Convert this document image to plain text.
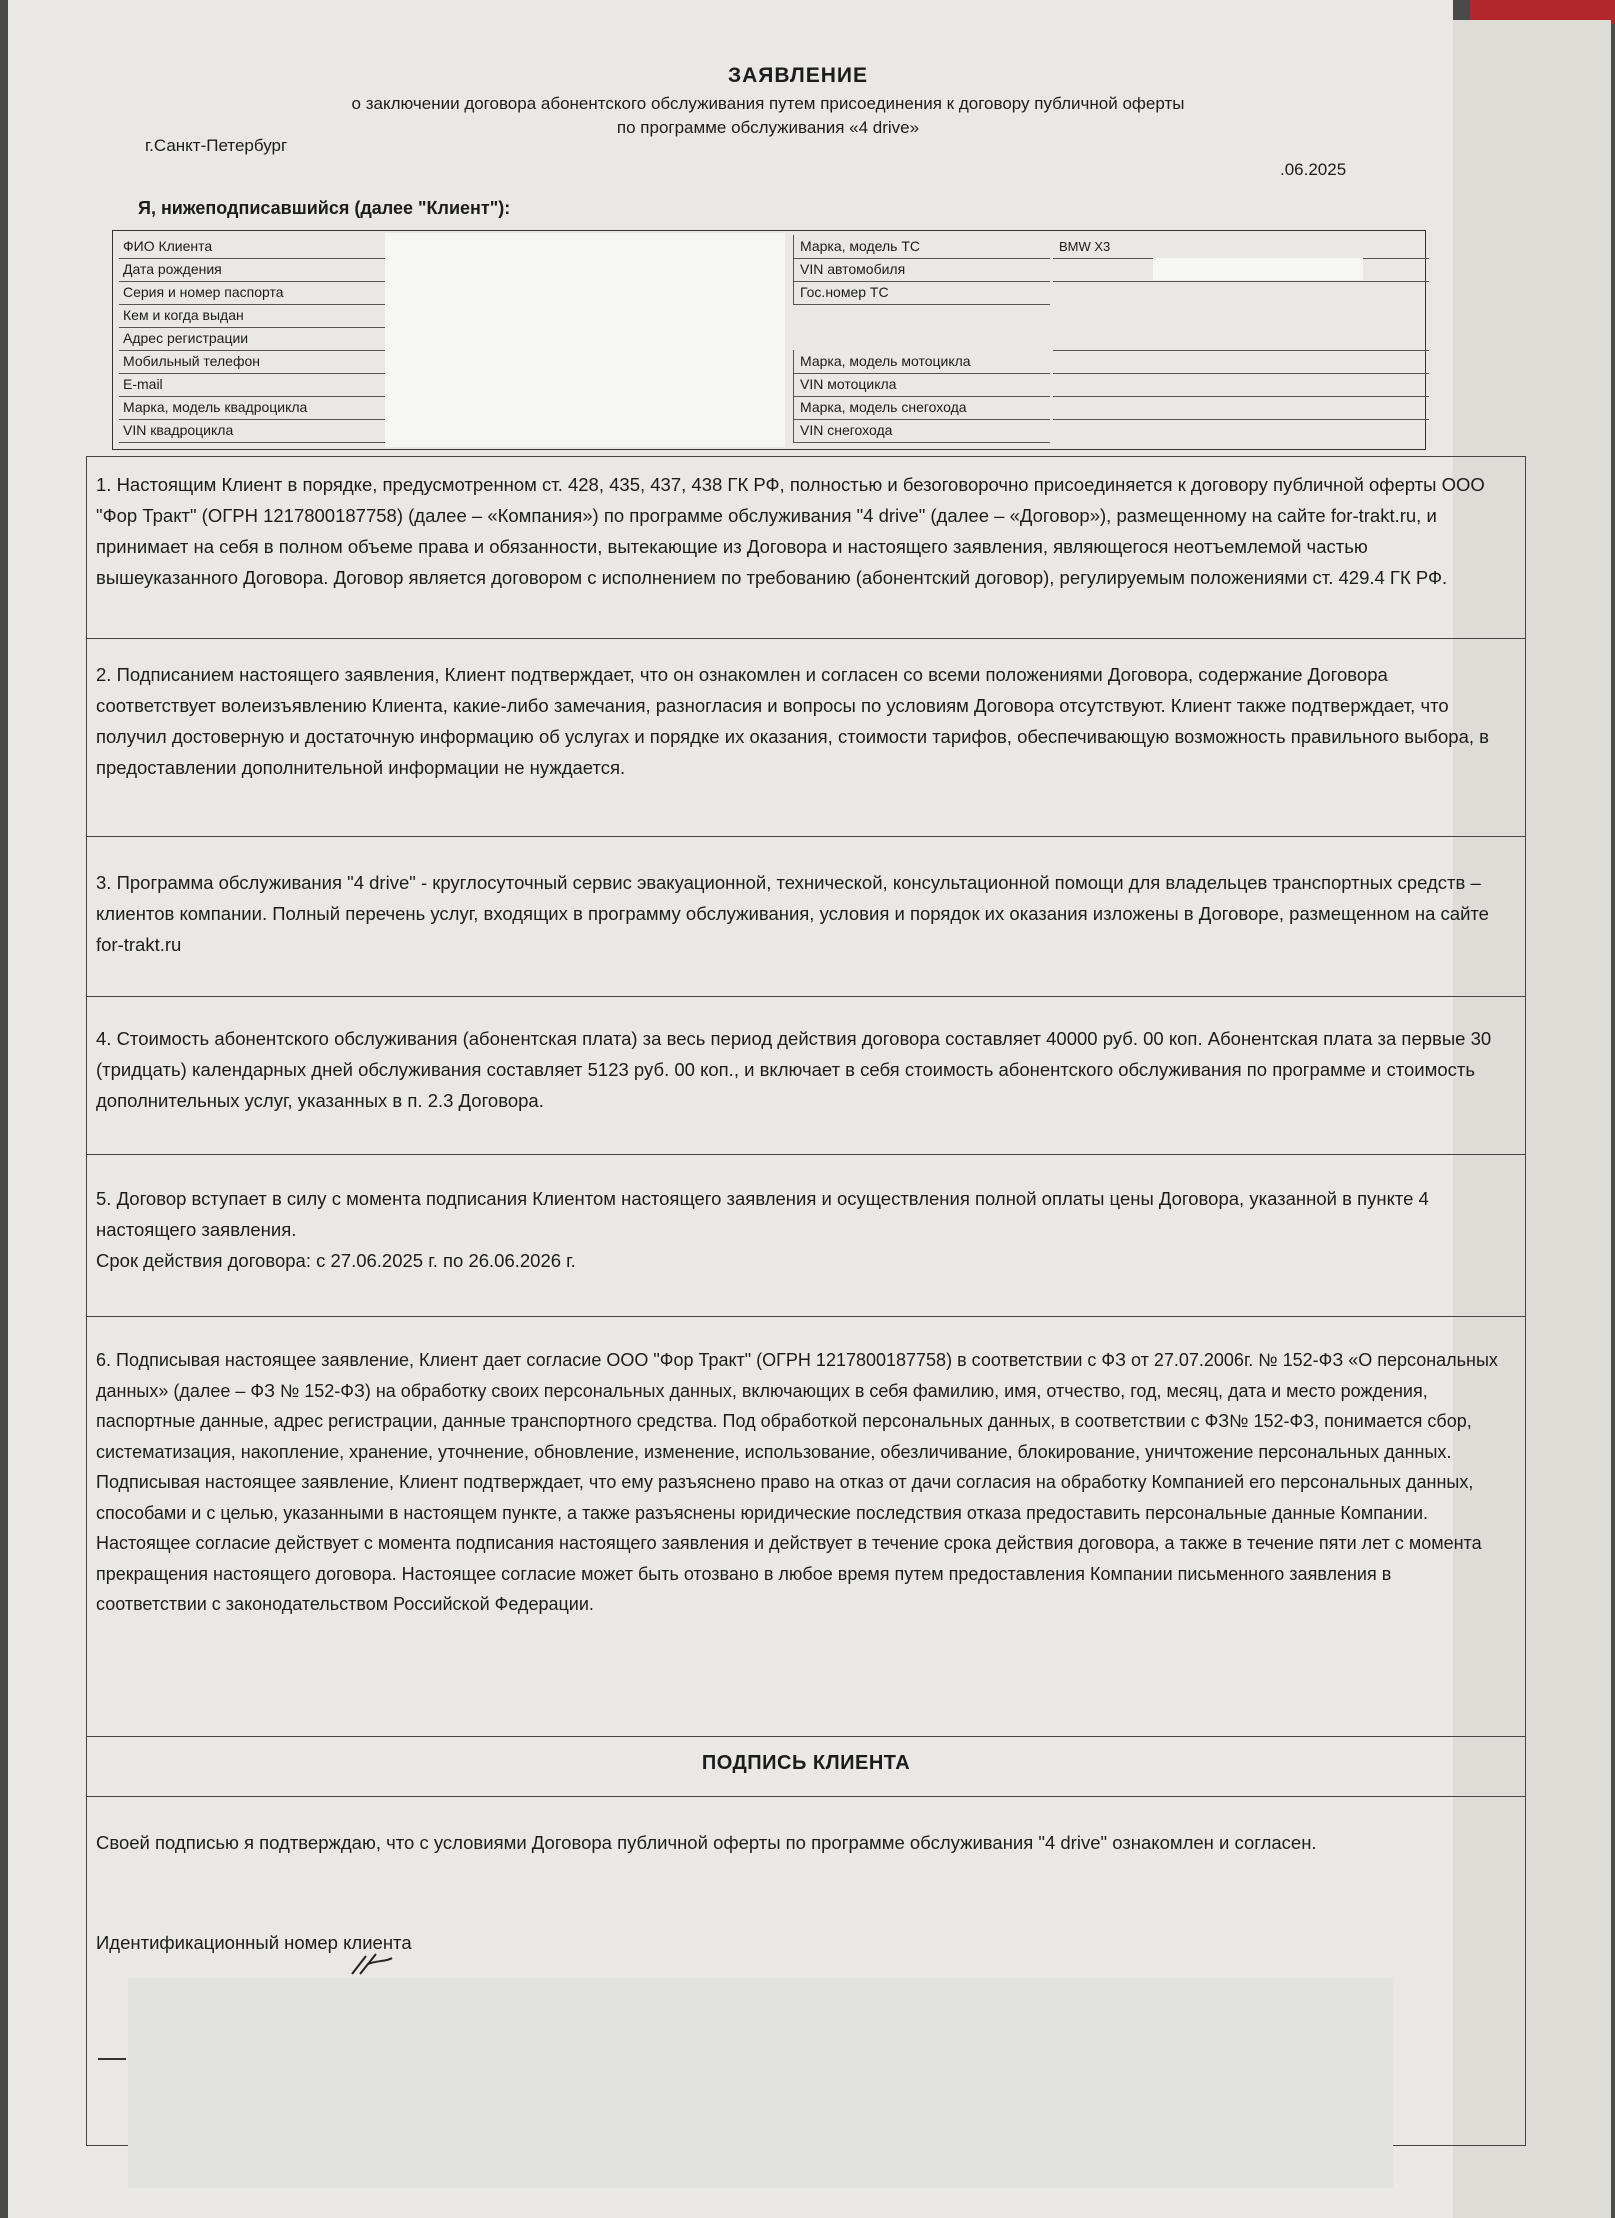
ЗАЯВЛЕНИЕ
о заключении договора абонентского обслуживания путем присоединения к договору публичной оферты
по программе обслуживания «4 drive»
г.Санкт-Петербург
.06.2025
Я, нижеподписавшийся (далее "Клиент"):
ФИО Клиента
Дата рождения
Серия и номер паспорта
Кем и когда выдан
Адрес регистрации
Мобильный телефон
E-mail
Марка, модель квадроцикла
VIN квадроцикла
Марка, модель ТС	BMW X3
VIN автомобиля
Гос.номер ТС
Марка, модель мотоцикла
VIN мотоцикла
Марка, модель снегохода
VIN снегохода

1. Настоящим Клиент в порядке, предусмотренном ст. 428, 435, 437, 438 ГК РФ, полностью и безоговорочно присоединяется к договору публичной оферты ООО "Фор Тракт" (ОГРН 1217800187758) (далее – «Компания») по программе обслуживания "4 drive" (далее – «Договор»), размещенному на сайте for-trakt.ru, и принимает на себя в полном объеме права и обязанности, вытекающие из Договора и настоящего заявления, являющегося неотъемлемой частью вышеуказанного Договора. Договор является договором с исполнением по требованию (абонентский договор), регулируемым положениями ст. 429.4 ГК РФ.

2. Подписанием настоящего заявления, Клиент подтверждает, что он ознакомлен и согласен со всеми положениями Договора, содержание Договора соответствует волеизъявлению Клиента, какие-либо замечания, разногласия и вопросы по условиям Договора отсутствуют. Клиент также подтверждает, что получил достоверную и достаточную информацию об услугах и порядке их оказания, стоимости тарифов, обеспечивающую возможность правильного выбора, в предоставлении дополнительной информации не нуждается.

3. Программа обслуживания "4 drive" - круглосуточный сервис эвакуационной, технической, консультационной помощи для владельцев транспортных средств – клиентов компании. Полный перечень услуг, входящих в программу обслуживания, условия и порядок их оказания изложены в Договоре, размещенном на сайте for-trakt.ru

4. Стоимость абонентского обслуживания (абонентская плата) за весь период действия договора составляет 40000 руб. 00 коп. Абонентская плата за первые 30 (тридцать) календарных дней обслуживания составляет 5123 руб. 00 коп., и включает в себя стоимость абонентского обслуживания по программе и стоимость дополнительных услуг, указанных в п. 2.3 Договора.

5. Договор вступает в силу с момента подписания Клиентом настоящего заявления и осуществления полной оплаты цены Договора, указанной в пункте 4 настоящего заявления.
Срок действия договора: с 27.06.2025 г. по 26.06.2026 г.

6. Подписывая настоящее заявление, Клиент дает согласие ООО "Фор Тракт" (ОГРН 1217800187758) в соответствии с ФЗ от 27.07.2006г. № 152-ФЗ «О персональных данных» (далее – ФЗ № 152-ФЗ) на обработку своих персональных данных, включающих в себя фамилию, имя, отчество, год, месяц, дата и место рождения, паспортные данные, адрес регистрации, данные транспортного средства. Под обработкой персональных данных, в соответствии с ФЗ№ 152-ФЗ, понимается сбор, систематизация, накопление, хранение, уточнение, обновление, изменение, использование, обезличивание, блокирование, уничтожение персональных данных. Подписывая настоящее заявление, Клиент подтверждает, что ему разъяснено право на отказ от дачи согласия на обработку Компанией его персональных данных, способами и с целью, указанными в настоящем пункте, а также разъяснены юридические последствия отказа предоставить персональные данные Компании.
Настоящее согласие действует с момента подписания настоящего заявления и действует в течение срока действия договора, а также в течение пяти лет с момента прекращения настоящего договора. Настоящее согласие может быть отозвано в любое время путем предоставления Компании письменного заявления в соответствии с законодательством Российской Федерации.

ПОДПИСЬ КЛИЕНТА

Своей подписью я подтверждаю, что с условиями Договора публичной оферты по программе обслуживания "4 drive" ознакомлен и согласен.

Идентификационный номер клиента
